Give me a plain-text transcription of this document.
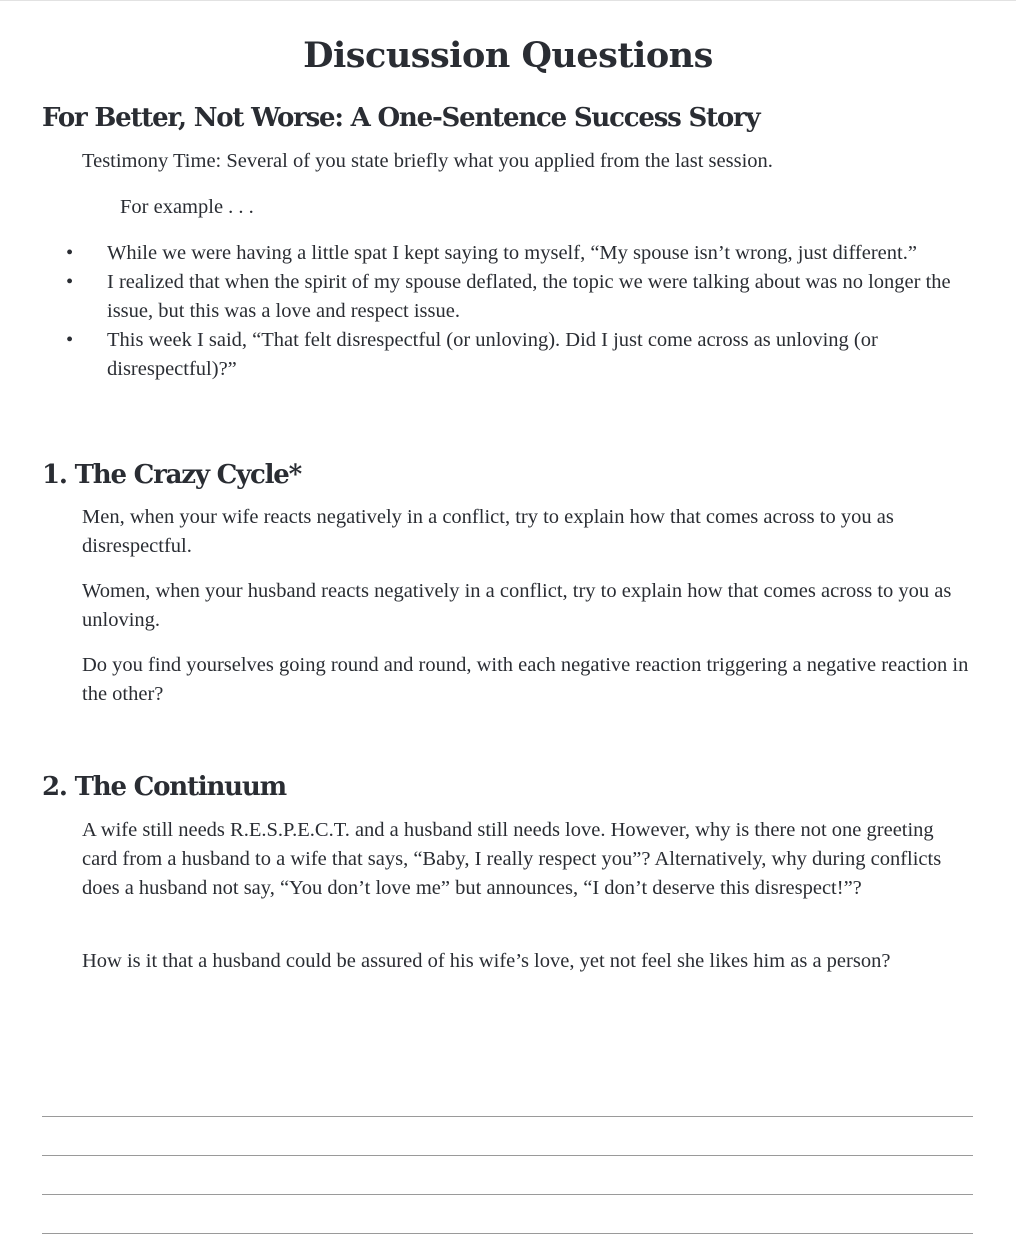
Discussion Questions
For Better, Not Worse: A One-Sentence Success Story
Testimony Time: Several of you state briefly what you applied from the last session.
For example . . .
•	While we were having a little spat I kept saying to myself, “My spouse isn’t wrong, just different.”
•	I realized that when the spirit of my spouse deflated, the topic we were talking about was no longer the issue, but this was a love and respect issue.
•	This week I said, “That felt disrespectful (or unloving). Did I just come across as unloving (or disrespectful)?”
1. The Crazy Cycle*
Men, when your wife reacts negatively in a conflict, try to explain how that comes across to you as disrespectful.
Women, when your husband reacts negatively in a conflict, try to explain how that comes across to you as unloving.
Do you find yourselves going round and round, with each negative reaction triggering a negative reaction in the other?
2. The Continuum
A wife still needs R.E.S.P.E.C.T. and a husband still needs love. However, why is there not one greeting card from a husband to a wife that says, “Baby, I really respect you”? Alternatively, why during conflicts does a husband not say, “You don’t love me” but announces, “I don’t deserve this disrespect!”?
How is it that a husband could be assured of his wife’s love, yet not feel she likes him as a person?
